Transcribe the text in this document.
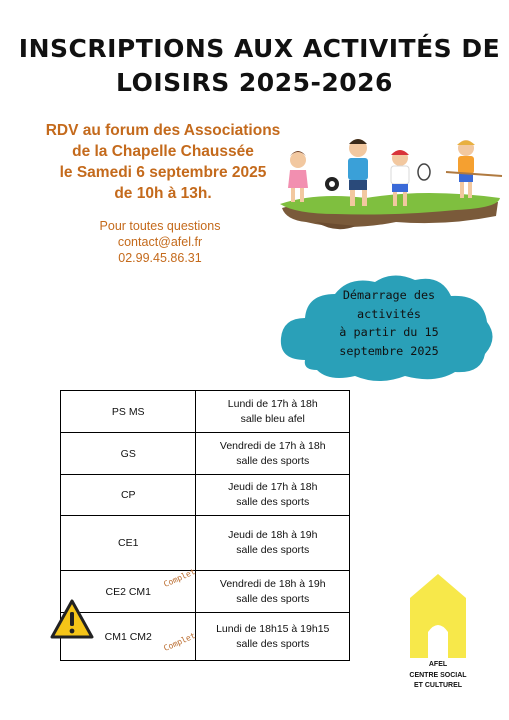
INSCRIPTIONS AUX ACTIVITÉS DE
LOISIRS 2025-2026
RDV au forum des Associations
de la Chapelle Chaussée
le Samedi 6 septembre 2025
de 10h à 13h.
Pour toutes questions
contact@afel.fr
02.99.45.86.31
Démarrage des
activités
à partir du 15
septembre 2025
PS MS	Lundi de 17h à 18h
salle bleu afel

GS	Vendredi de 17h à 18h
salle des sports

CP	Jeudi de 17h à 18h
salle des sports

CE1	Jeudi de 18h à 19h
salle des sports

CE2 CM1	Vendredi de 18h à 19h
salle des sports

CM1 CM2	Lundi de 18h15 à 19h15
salle des sports
Complet
Complet
AFEL
CENTRE SOCIAL
ET CULTUREL
